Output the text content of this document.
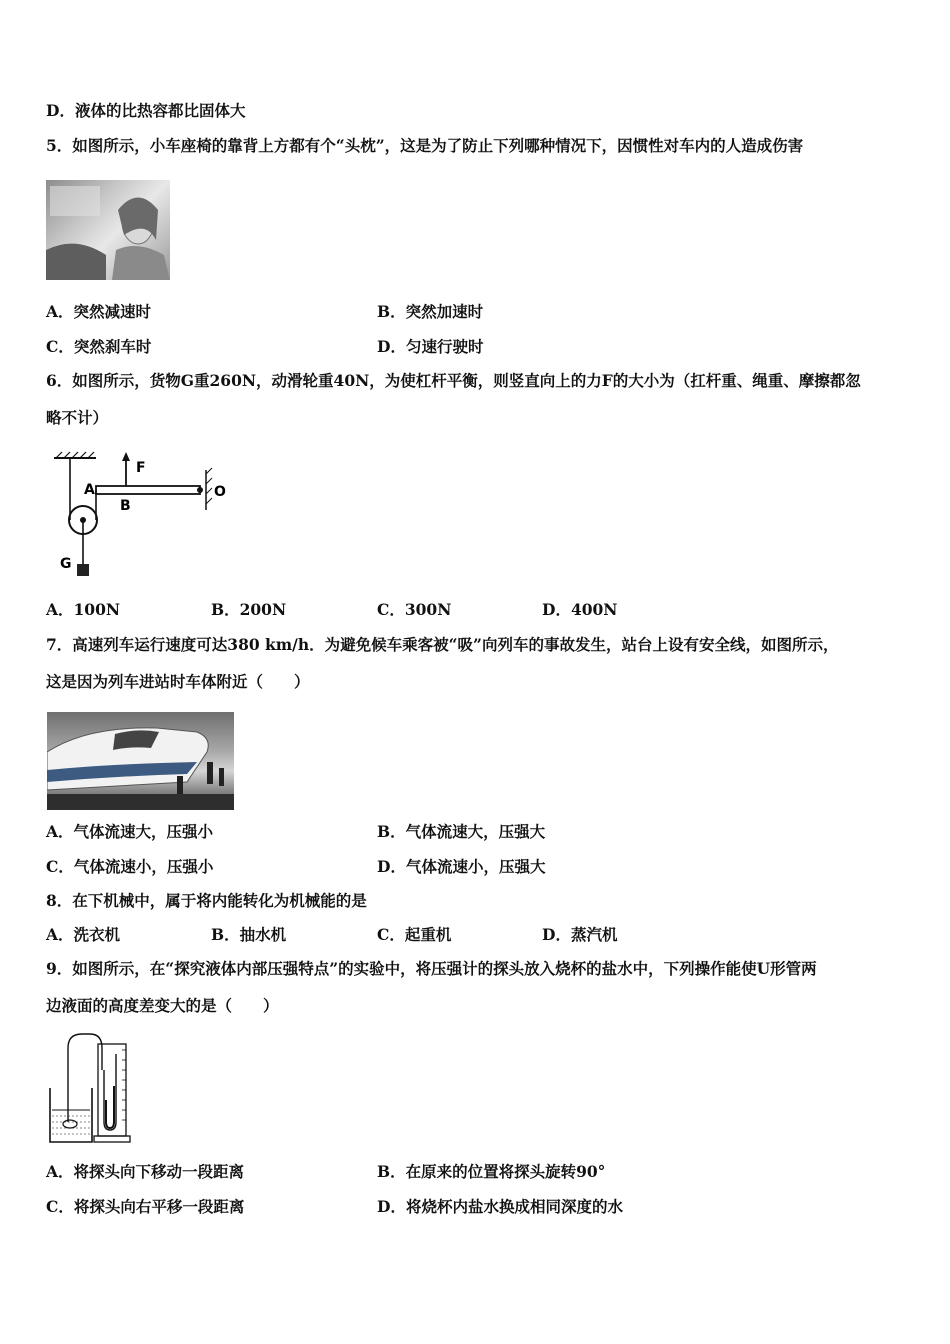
D．液体的比热容都比固体大
5．如图所示，小车座椅的靠背上方都有个“头枕”，这是为了防止下列哪种情况下，因惯性对车内的人造成伤害
A．突然减速时	B．突然加速时
C．突然刹车时	D．匀速行驶时
6．如图所示，货物G重260N，动滑轮重40N，为使杠杆平衡，则竖直向上的力F的大小为（扛杆重、绳重、摩擦都忽
略不计）
F
A
B
O
G
A．100N	B．200N	C．300N	D．400N
7．高速列车运行速度可达380 km/h．为避免候车乘客被“吸”向列车的事故发生，站台上设有安全线，如图所示，
这是因为列车进站时车体附近（　　）
A．气体流速大，压强小	B．气体流速大，压强大
C．气体流速小，压强小	D．气体流速小，压强大
8．在下机械中，属于将内能转化为机械能的是
A．洗衣机	B．抽水机	C．起重机	D．蒸汽机
9．如图所示，在“探究液体内部压强特点”的实验中，将压强计的探头放入烧杯的盐水中，下列操作能使U形管两
边液面的高度差变大的是（　　）
A．将探头向下移动一段距离	B．在原来的位置将探头旋转90°
C．将探头向右平移一段距离	D．将烧杯内盐水换成相同深度的水
